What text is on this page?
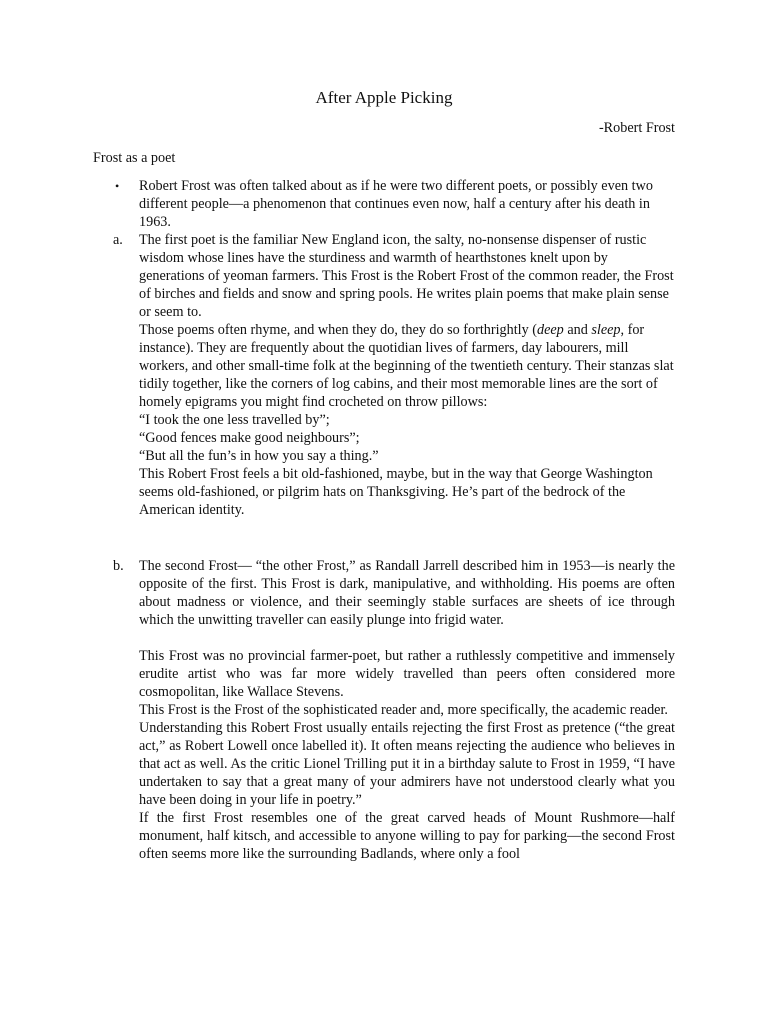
After Apple Picking
-Robert Frost
Frost as a poet
• Robert Frost was often talked about as if he were two different poets, or possibly even two different people—a phenomenon that continues even now, half a century after his death in 1963.

a. The first poet is the familiar New England icon, the salty, no-nonsense dispenser of rustic wisdom whose lines have the sturdiness and warmth of hearthstones knelt upon by generations of yeoman farmers. This Frost is the Robert Frost of the common reader, the Frost of birches and fields and snow and spring pools. He writes plain poems that make plain sense or seem to.

Those poems often rhyme, and when they do, they do so forthrightly (deep and sleep, for instance). They are frequently about the quotidian lives of farmers, day labourers, mill workers, and other small-time folk at the beginning of the twentieth century. Their stanzas slat tidily together, like the corners of log cabins, and their most memorable lines are the sort of homely epigrams you might find crocheted on throw pillows:

“I took the one less travelled by”;

“Good fences make good neighbours”;

“But all the fun’s in how you say a thing.”

This Robert Frost feels a bit old-fashioned, maybe, but in the way that George Washington seems old-fashioned, or pilgrim hats on Thanksgiving. He’s part of the bedrock of the American identity.

b. The second Frost— “the other Frost,” as Randall Jarrell described him in 1953—is nearly the opposite of the first. This Frost is dark, manipulative, and withholding. His poems are often about madness or violence, and their seemingly stable surfaces are sheets of ice through which the unwitting traveller can easily plunge into frigid water.

This Frost was no provincial farmer-poet, but rather a ruthlessly competitive and immensely erudite artist who was far more widely travelled than peers often considered more cosmopolitan, like Wallace Stevens.

This Frost is the Frost of the sophisticated reader and, more specifically, the academic reader.

Understanding this Robert Frost usually entails rejecting the first Frost as pretence (“the great act,” as Robert Lowell once labelled it). It often means rejecting the audience who believes in that act as well. As the critic Lionel Trilling put it in a birthday salute to Frost in 1959, “I have undertaken to say that a great many of your admirers have not understood clearly what you have been doing in your life in poetry.”

If the first Frost resembles one of the great carved heads of Mount Rushmore—half monument, half kitsch, and accessible to anyone willing to pay for parking—the second Frost often seems more like the surrounding Badlands, where only a fool
